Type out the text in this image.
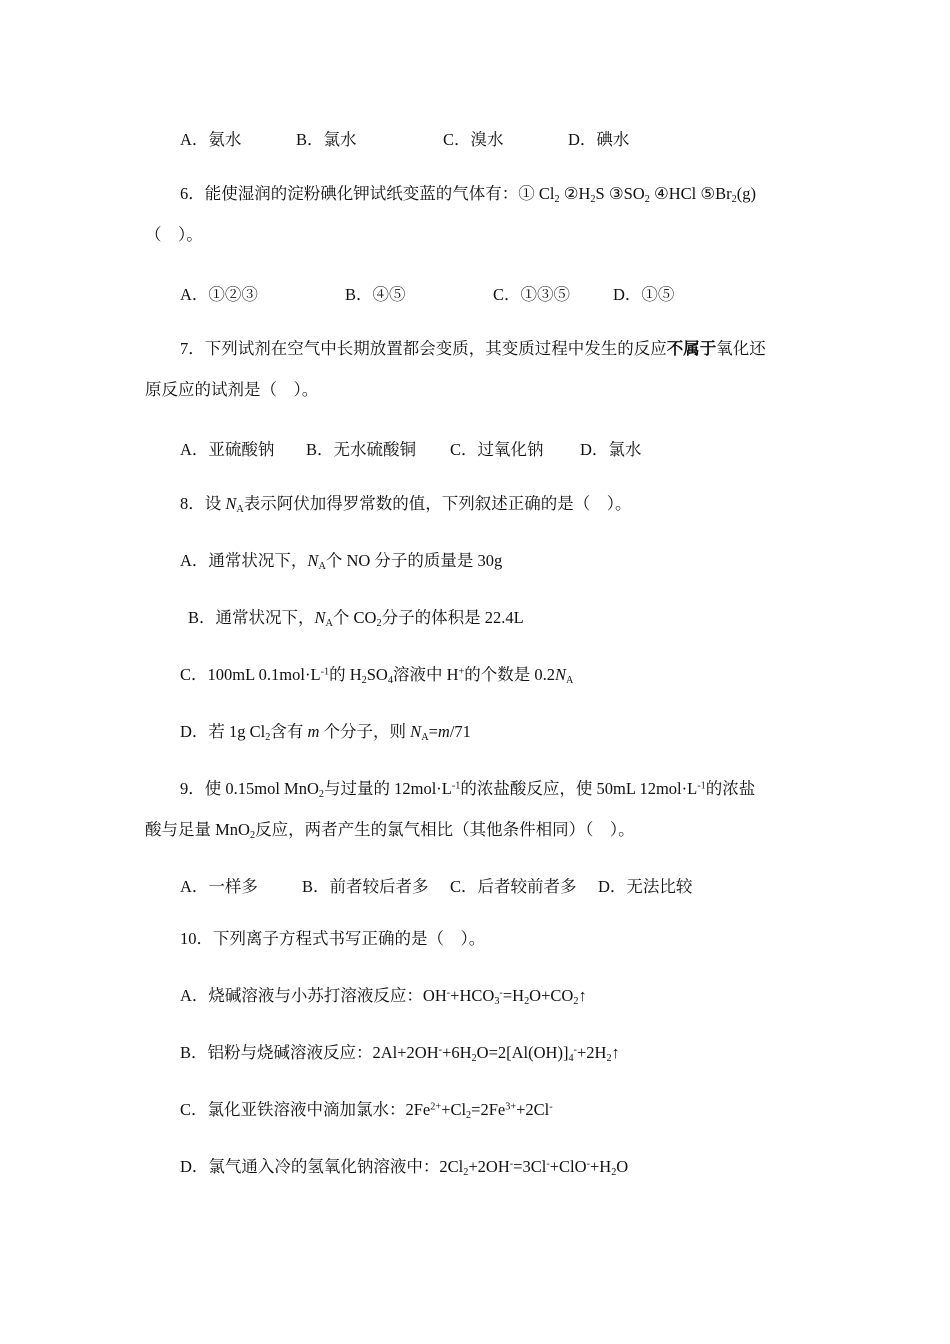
A．氨水	B．氯水	C．溴水	D．碘水
6．能使湿润的淀粉碘化钾试纸变蓝的气体有：① $Cl_2$ $②H_2S$ $③SO_2$ ④HCl $⑤Br_2(g)$
（　）。
A．①②③	B．④⑤	C．①③⑤	D．①⑤
7．下列试剂在空气中长期放置都会变质，其变质过程中发生的反应不属于氧化还
原反应的试剂是（　）。
A．亚硫酸钠 B．无水硫酸铜 C．过氧化钠 D．氯水
8．设 $N_A$表示阿伏加得罗常数的值，下列叙述正确的是（　）。
A．通常状况下，$N_A$个 NO 分子的质量是 30g
B．通常状况下，$N_A$个 $CO_2$分子的体积是 22.4L
C．100mL $0.1mol\cdot L^{-1}$的 $H_2SO_4$溶液中 H+的个数是 $0.2N_A$
D．若 1g $Cl_2$含有 m 个分子，则 $N_A=m/71$
9．使 0.15mol MnO$_2$与过量的 $12mol\cdot L^{-1}$的浓盐酸反应，使 50mL $12mol\cdot L^{-1}$的浓盐
酸与足量 MnO$_2$反应，两者产生的氯气相比（其他条件相同）（　）。
A．一样多	B．前者较后者多 C．后者较前者多 D．无法比较
10．下列离子方程式书写正确的是（　）。
A．烧碱溶液与小苏打溶液反应：$OH^-+HCO_3^-=H_2O+CO_2↑$
B．铝粉与烧碱溶液反应：$2Al+2OH^-+6H_2O=2[Al(OH)]_4^-+2H_2↑$
C．氯化亚铁溶液中滴加氯水：$2Fe^{2+}+Cl_2=2Fe^{3+}+2Cl^-$
D．氯气通入冷的氢氧化钠溶液中：$2Cl_2+2OH^-=3Cl^-+ClO^-+H_2O$
